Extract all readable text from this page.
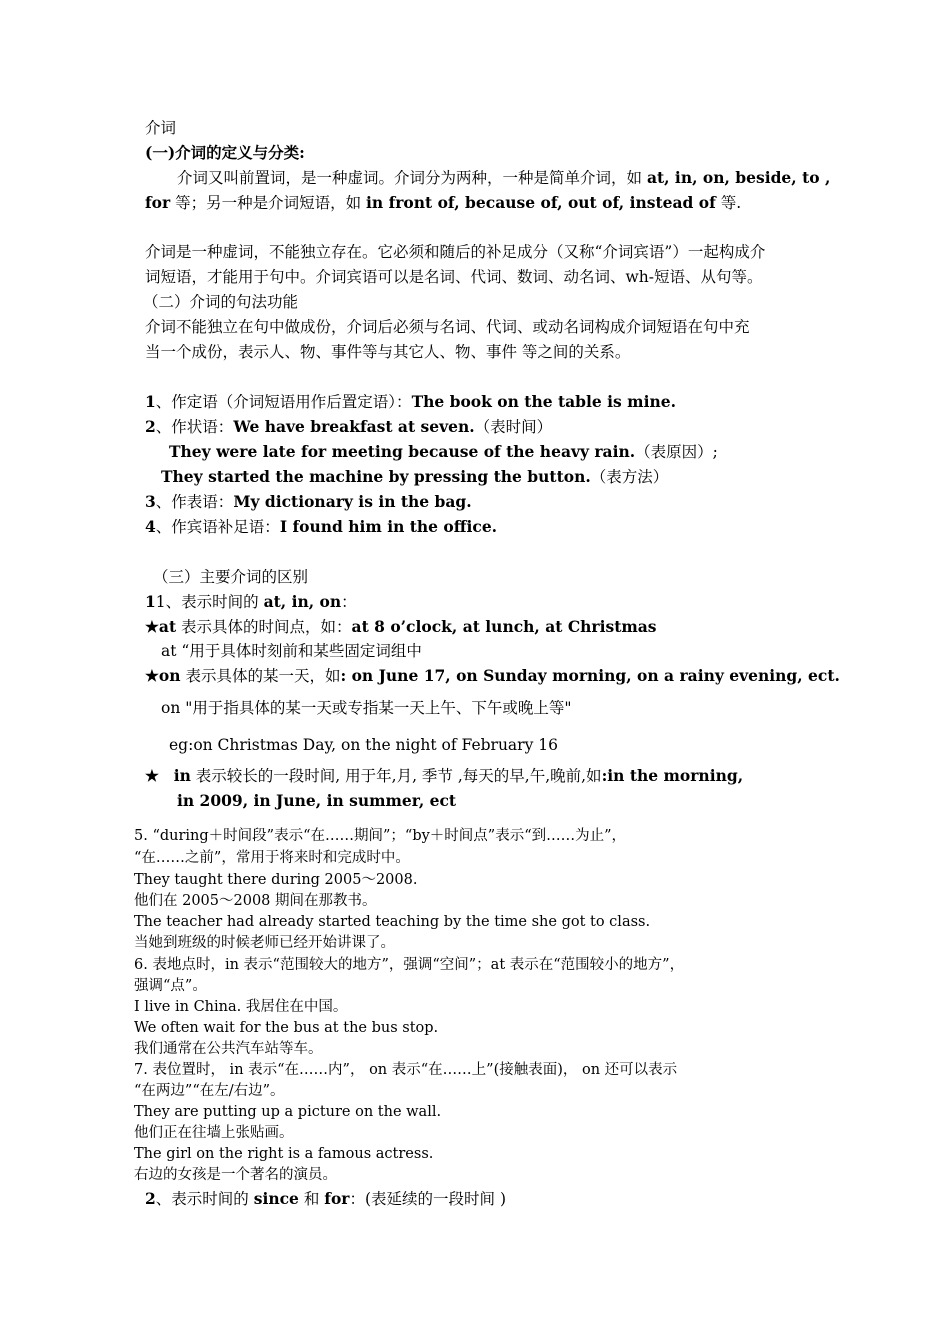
介词
(一)介词的定义与分类:
介词又叫前置词，是一种虚词。介词分为两种，一种是简单介词，如 at, in, on, beside, to ,
for 等；另一种是介词短语，如 in front of, because of, out of, instead of 等.
介词是一种虚词，不能独立存在。它必须和随后的补足成分（又称“介词宾语”）一起构成介
词短语，才能用于句中。介词宾语可以是名词、代词、数词、动名词、wh-短语、从句等。
（二）介词的句法功能
介词不能独立在句中做成份，介词后必须与名词、代词、或动名词构成介词短语在句中充
当一个成份，表示人、物、事件等与其它人、物、事件 等之间的关系。
1、作定语（介词短语用作后置定语）：The book on the table is mine.
2、作状语：We have breakfast at seven.（表时间）
They were late for meeting because of the heavy rain.（表原因）;
They started the machine by pressing the button.（表方法）
3、作表语：My dictionary is in the bag.
4、作宾语补足语：I found him in the office.
（三）主要介词的区别
11、表示时间的 at, in, on：
★at 表示具体的时间点，如：at 8 o’clock, at lunch, at Christmas
at “用于具体时刻前和某些固定词组中
★on 表示具体的某一天，如: on June 17, on Sunday morning, on a rainy evening, ect.
on "用于指具体的某一天或专指某一天上午、下午或晚上等"
eg:on Christmas Day, on the night of February 16
★ in 表示较长的一段时间, 用于年,月, 季节 ,每天的早,午,晚前,如:in the morning,
in 2009, in June, in summer, ect
5. “during＋时间段”表示“在……期间”；“by＋时间点”表示“到……为止”，
“在……之前”，常用于将来时和完成时中。
They taught there during 2005～2008.
他们在 2005～2008 期间在那教书。
The teacher had already started teaching by the time she got to class.
当她到班级的时候老师已经开始讲课了。
6. 表地点时，in 表示“范围较大的地方”，强调“空间”；at 表示在“范围较小的地方”，
强调“点”。
I live in China. 我居住在中国。
We often wait for the bus at the bus stop.
我们通常在公共汽车站等车。
7. 表位置时， in 表示“在……内”， on 表示“在……上”(接触表面)， on 还可以表示
“在两边”“在左/右边”。
They are putting up a picture on the wall.
他们正在往墙上张贴画。
The girl on the right is a famous actress.
右边的女孩是一个著名的演员。
2、表示时间的 since 和 for：(表延续的一段时间 )
